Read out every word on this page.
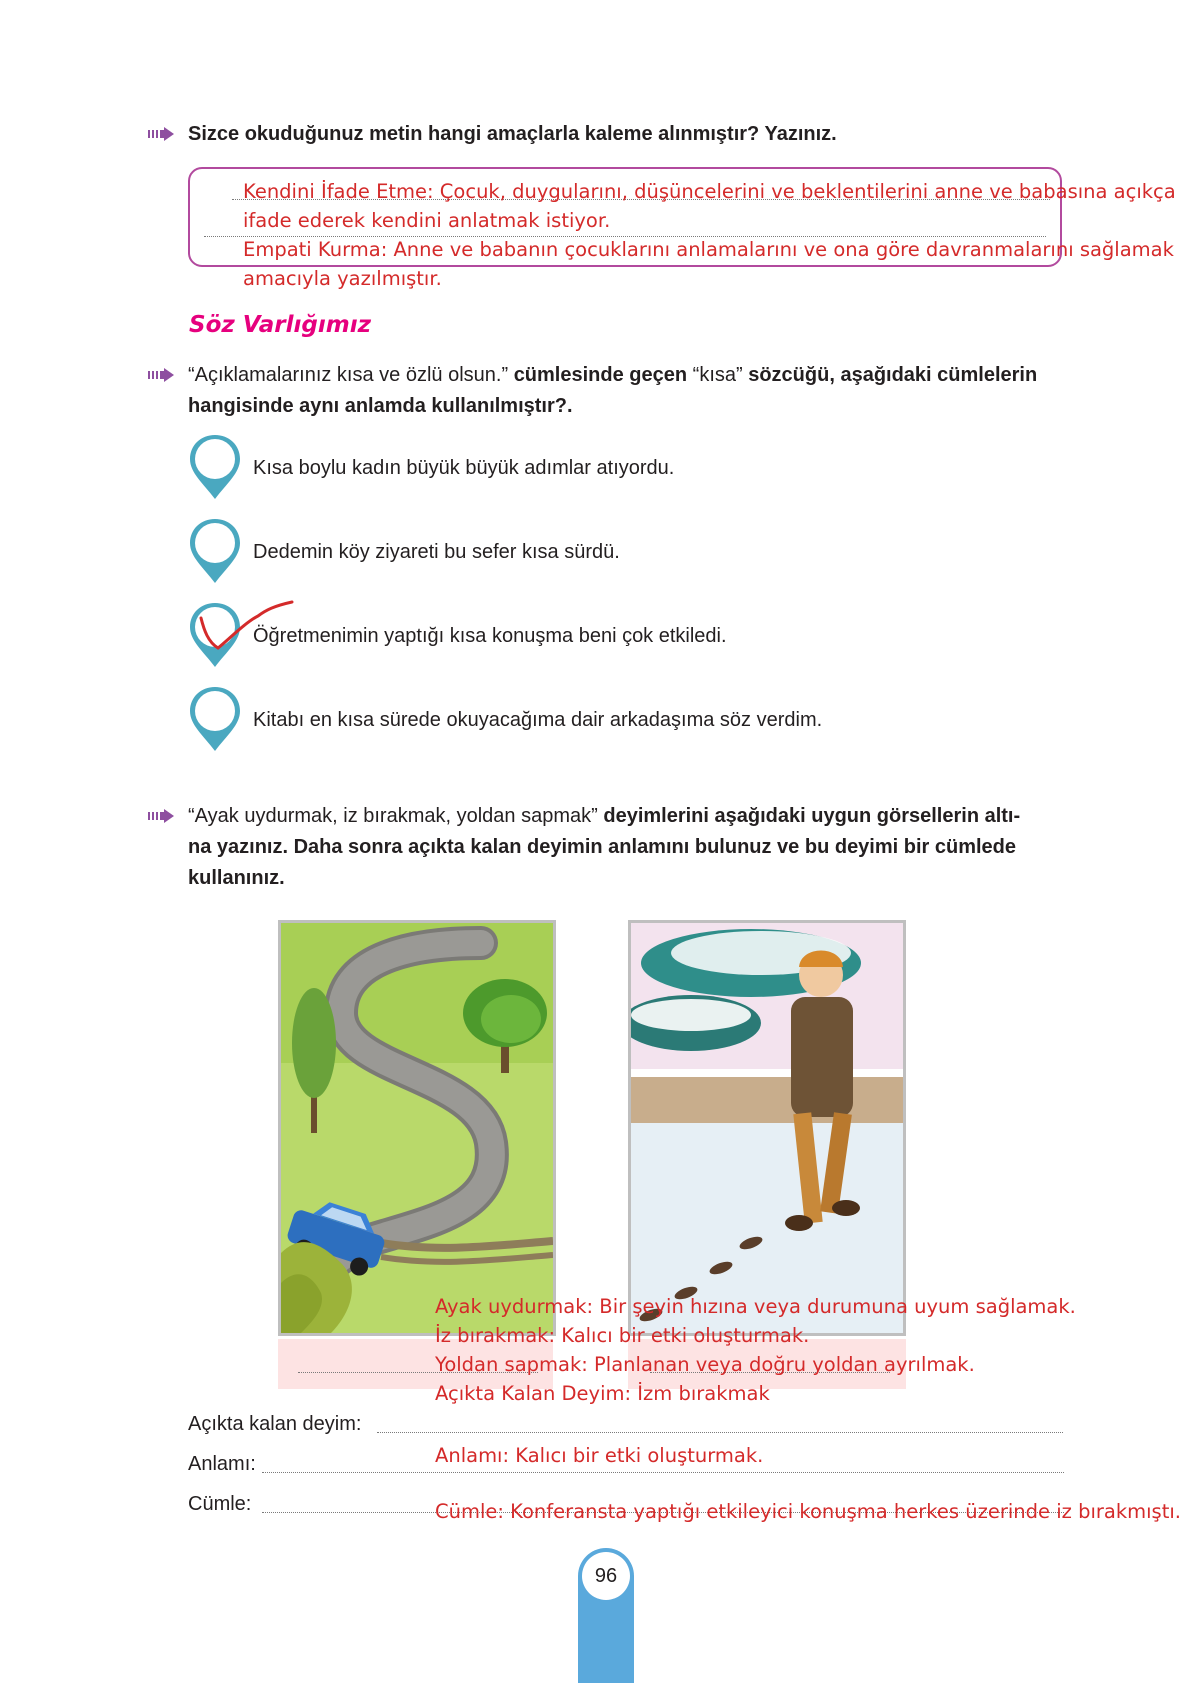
Sizce okuduğunuz metin hangi amaçlarla kaleme alınmıştır? Yazınız.
Kendini İfade Etme: Çocuk, duygularını, düşüncelerini ve beklentilerini anne ve babasına açıkça
ifade ederek kendini anlatmak istiyor.
Empati Kurma: Anne ve babanın çocuklarını anlamalarını ve ona göre davranmalarını sağlamak
amacıyla yazılmıştır.
Söz Varlığımız
“Açıklamalarınız kısa ve özlü olsun.” cümlesinde geçen “kısa” sözcüğü, aşağıdaki cümlelerin
hangisinde aynı anlamda kullanılmıştır?.
Kısa boylu kadın büyük büyük adımlar atıyordu.
Dedemin köy ziyareti bu sefer kısa sürdü.
Öğretmenimin yaptığı kısa konuşma beni çok etkiledi.
Kitabı en kısa sürede okuyacağıma dair arkadaşıma söz verdim.
“Ayak uydurmak, iz bırakmak, yoldan sapmak” deyimlerini aşağıdaki uygun görsellerin altı-
na yazınız. Daha sonra açıkta kalan deyimin anlamını bulunuz ve bu deyimi bir cümlede
kullanınız.
Ayak uydurmak: Bir şeyin hızına veya durumuna uyum sağlamak.
İz bırakmak: Kalıcı bir etki oluşturmak.
Yoldan sapmak: Planlanan veya doğru yoldan ayrılmak.
Açıkta Kalan Deyim: İzm bırakmak
Açıkta kalan deyim:
Anlamı:	Anlamı: Kalıcı bir etki oluşturmak.
Cümle:	Cümle: Konferansta yaptığı etkileyici konuşma herkes üzerinde iz bırakmıştı.
96
